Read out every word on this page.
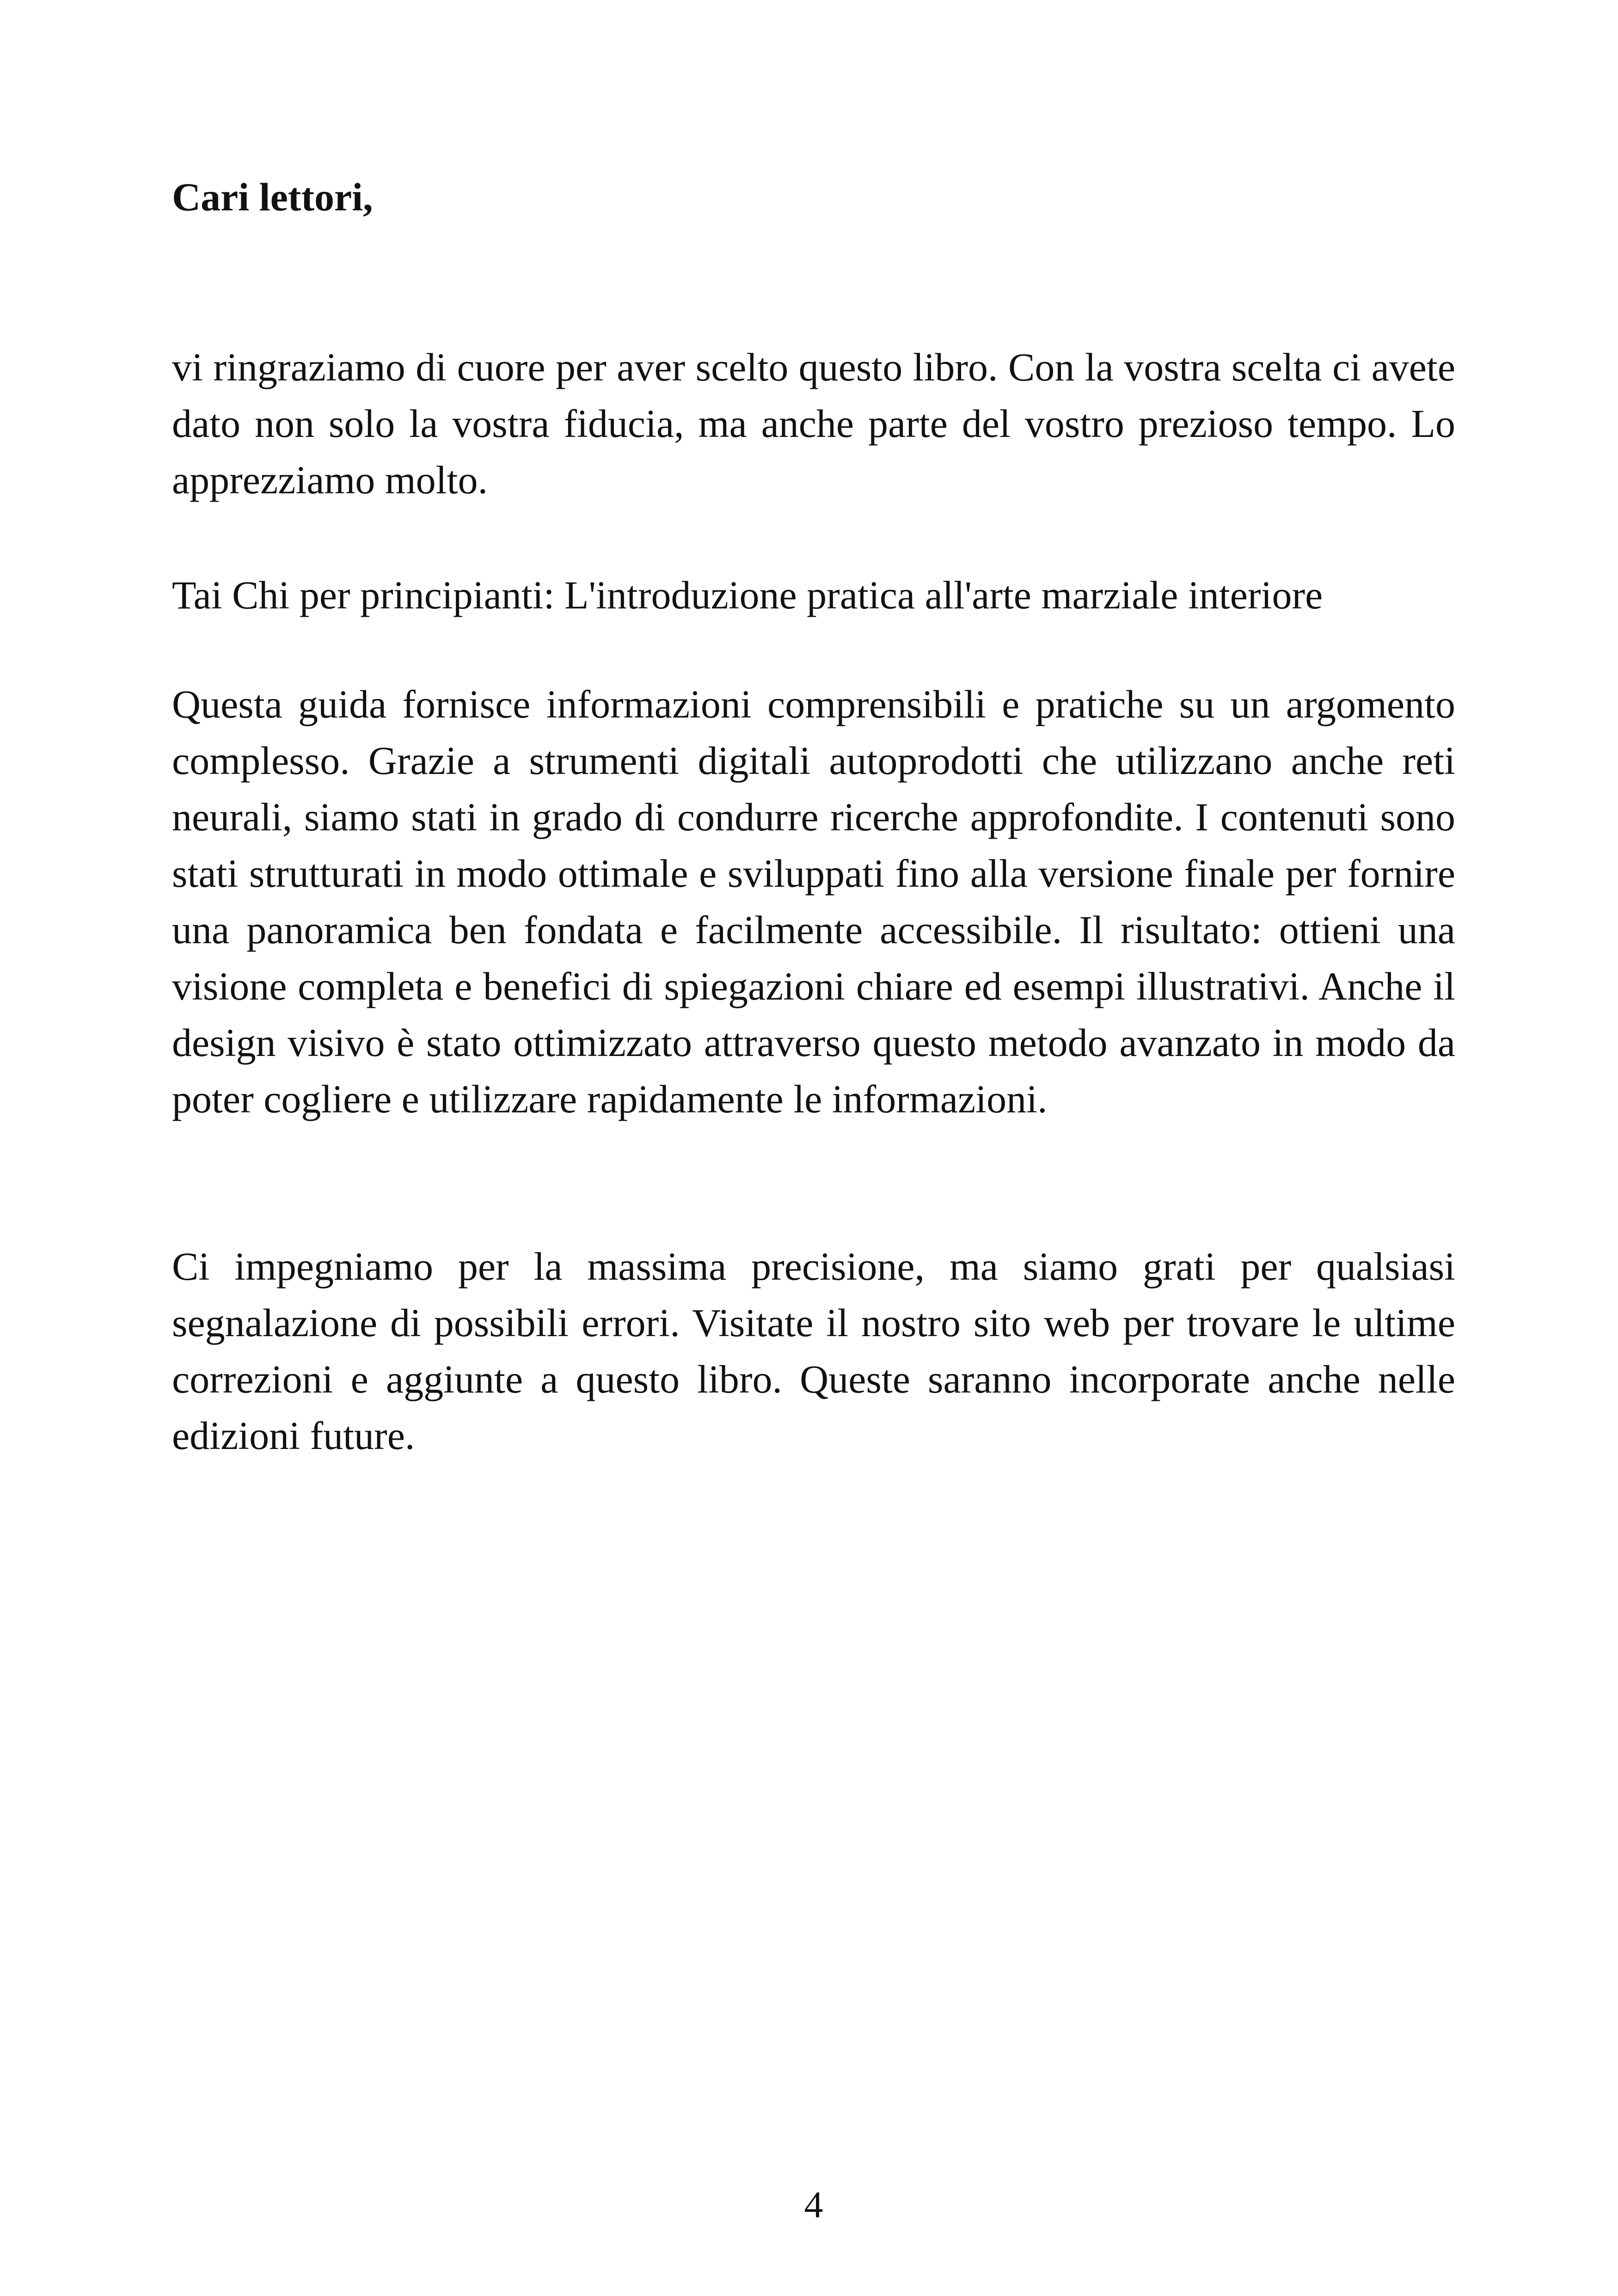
Cari lettori,

vi ringraziamo di cuore per aver scelto questo libro. Con la vostra scelta ci avete dato non solo la vostra fiducia, ma anche parte del vostro prezioso tempo. Lo apprezziamo molto.

Tai Chi per principianti: L'introduzione pratica all'arte marziale interiore

Questa guida fornisce informazioni comprensibili e pratiche su un argomento complesso. Grazie a strumenti digitali autoprodotti che utilizzano anche reti neurali, siamo stati in grado di condurre ricerche approfondite. I contenuti sono stati strutturati in modo ottimale e sviluppati fino alla versione finale per fornire una panoramica ben fondata e facilmente accessibile. Il risultato: ottieni una visione completa e benefici di spiegazioni chiare ed esempi illustrativi. Anche il design visivo è stato ottimizzato attraverso questo metodo avanzato in modo da poter cogliere e utilizzare rapidamente le informazioni.

Ci impegniamo per la massima precisione, ma siamo grati per qualsiasi segnalazione di possibili errori. Visitate il nostro sito web per trovare le ultime correzioni e aggiunte a questo libro. Queste saranno incorporate anche nelle edizioni future.

4
